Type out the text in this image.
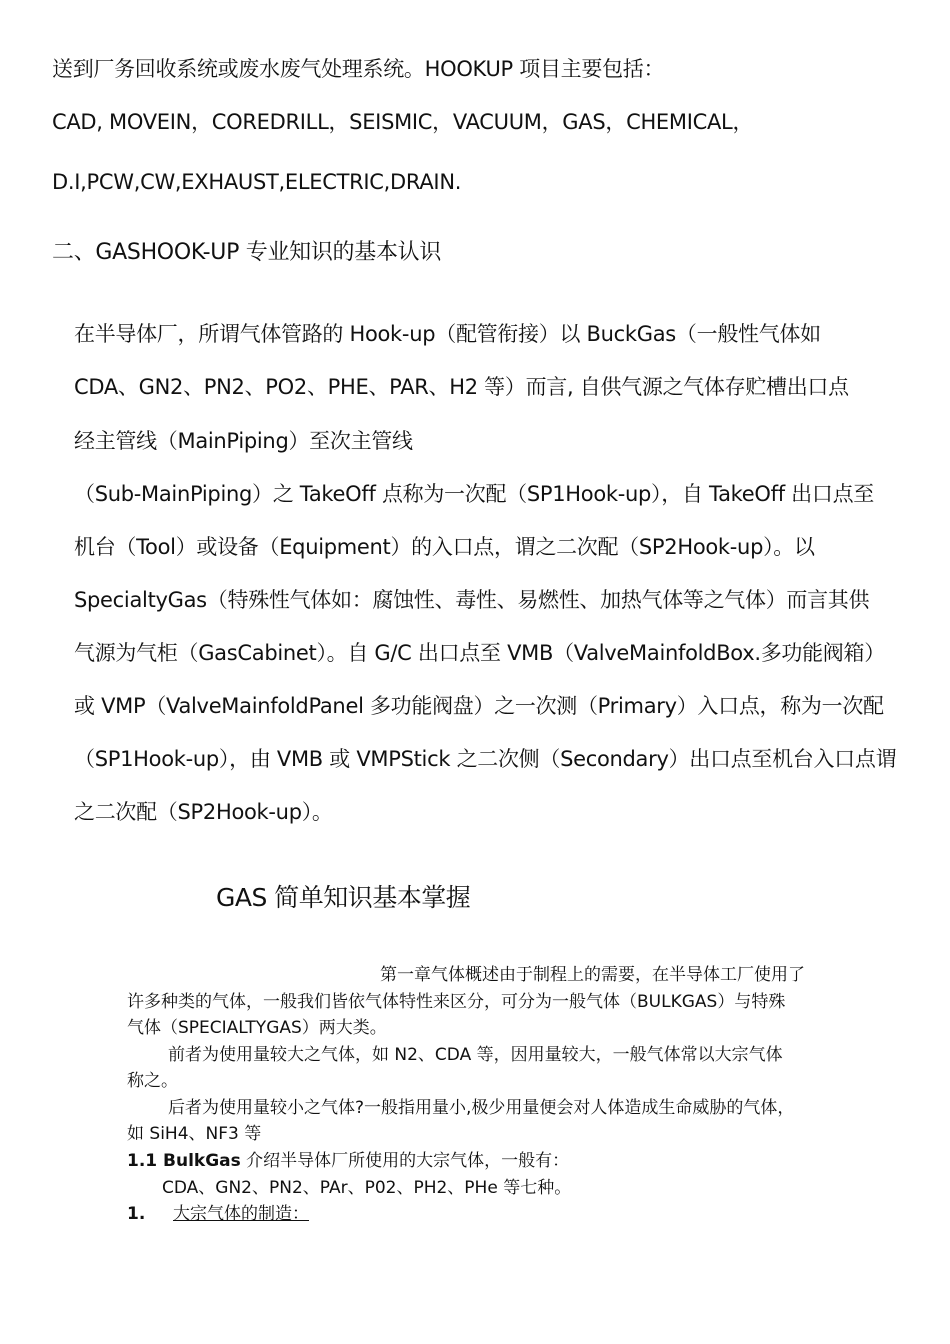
送到厂务回收系统或废水废气处理系统。HOOKUP 项目主要包括：
CAD, MOVEIN，COREDRILL，SEISMIC，VACUUM，GAS，CHEMICAL，
D.I,PCW,CW,EXHAUST,ELECTRIC,DRAIN.
二、GASHOOK-UP 专业知识的基本认识
在半导体厂，所谓气体管路的 Hook-up（配管衔接）以 BuckGas（一般性气体如
CDA、GN2、PN2、PO2、PHE、PAR、H2 等）而言, 自供气源之气体存贮槽出口点
经主管线（MainPiping）至次主管线
（Sub-MainPiping）之 TakeOff 点称为一次配（SP1Hook-up），自 TakeOff 出口点至
机台（Tool）或设备（Equipment）的入口点，谓之二次配（SP2Hook-up）。以
SpecialtyGas（特殊性气体如：腐蚀性、毒性、易燃性、加热气体等之气体）而言其供
气源为气柜（GasCabinet）。自 G/C 出口点至 VMB（ValveMainfoldBox.多功能阀箱）
或 VMP（ValveMainfoldPanel 多功能阀盘）之一次测（Primary）入口点，称为一次配
（SP1Hook-up），由 VMB 或 VMPStick 之二次侧（Secondary）出口点至机台入口点谓
之二次配（SP2Hook-up）。
GAS 简单知识基本掌握
第一章气体概述由于制程上的需要，在半导体工厂使用了
许多种类的气体，一般我们皆依气体特性来区分，可分为一般气体（BULKGAS）与特殊
气体（SPECIALTYGAS）两大类。
前者为使用量较大之气体，如 N2、CDA 等，因用量较大，一般气体常以大宗气体
称之。
后者为使用量较小之气体?一般指用量小,极少用量便会对人体造成生命威胁的气体，
如 SiH4、NF3 等
1.1 BulkGas 介绍半导体厂所使用的大宗气体，一般有：
CDA、GN2、PN2、PAr、P02、PH2、PHe 等七种。
1. 大宗气体的制造：
